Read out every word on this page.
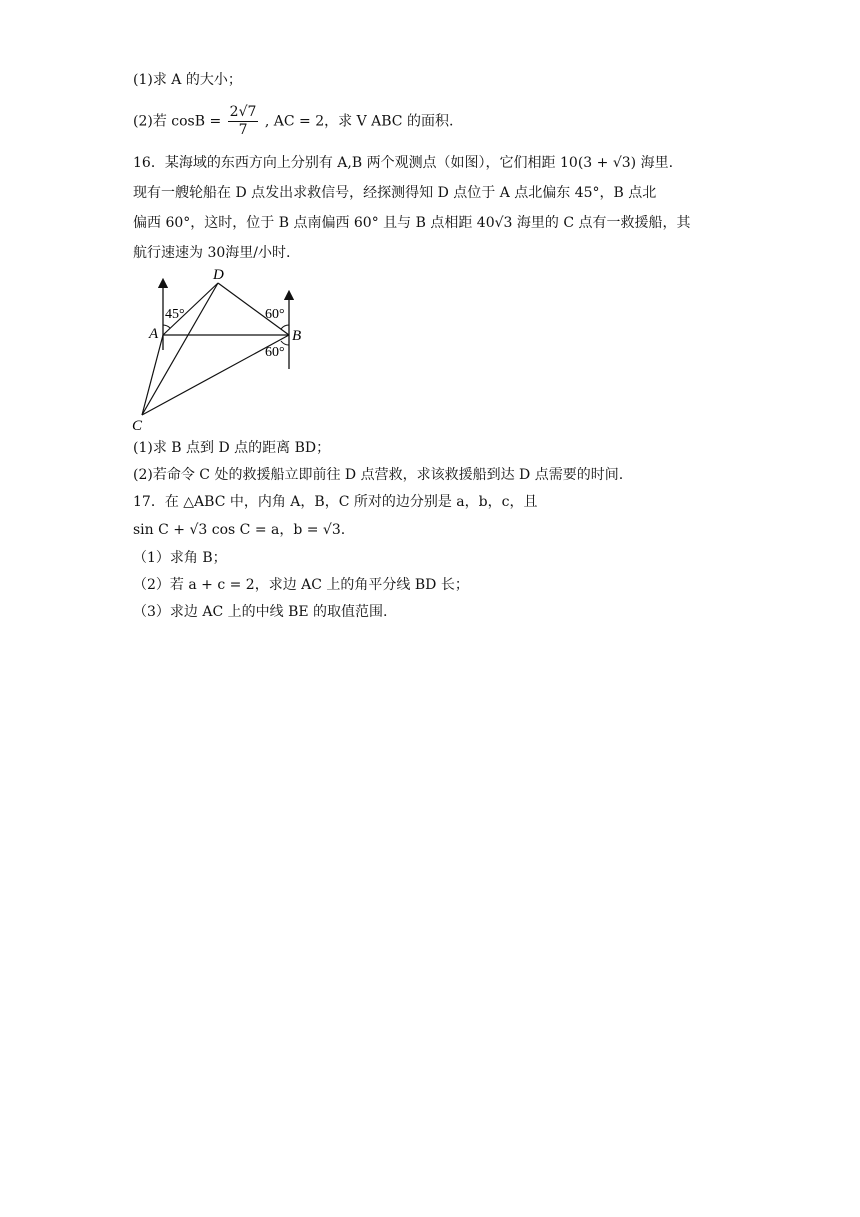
(1)求 A 的大小；
(2)若 $\cos B = \frac{2√7}{7}$ , AC = 2，求 V ABC 的面积.
16．某海域的东西方向上分别有 A,B 两个观测点（如图），它们相距 10(3 + √3) 海里.
现有一艘轮船在 D 点发出求救信号，经探测得知 D 点位于 A 点北偏东 45°，B 点北
偏西 60°，这时，位于 B 点南偏西 60° 且与 B 点相距 40√3 海里的 C 点有一救援船，其
航行速速为 30海里/小时.
D
A	B
C
45°	60°
60°
(1)求 B 点到 D 点的距离 BD；
(2)若命令 C 处的救援船立即前往 D 点营救，求该救援船到达 D 点需要的时间.
17．在 △ABC 中，内角 A，B，C 所对的边分别是 a，b，c，且
sin C + √3 cos C = a，b = √3.
（1）求角 B；
（2）若 a + c = 2，求边 AC 上的角平分线 BD 长；
（3）求边 AC 上的中线 BE 的取值范围.
